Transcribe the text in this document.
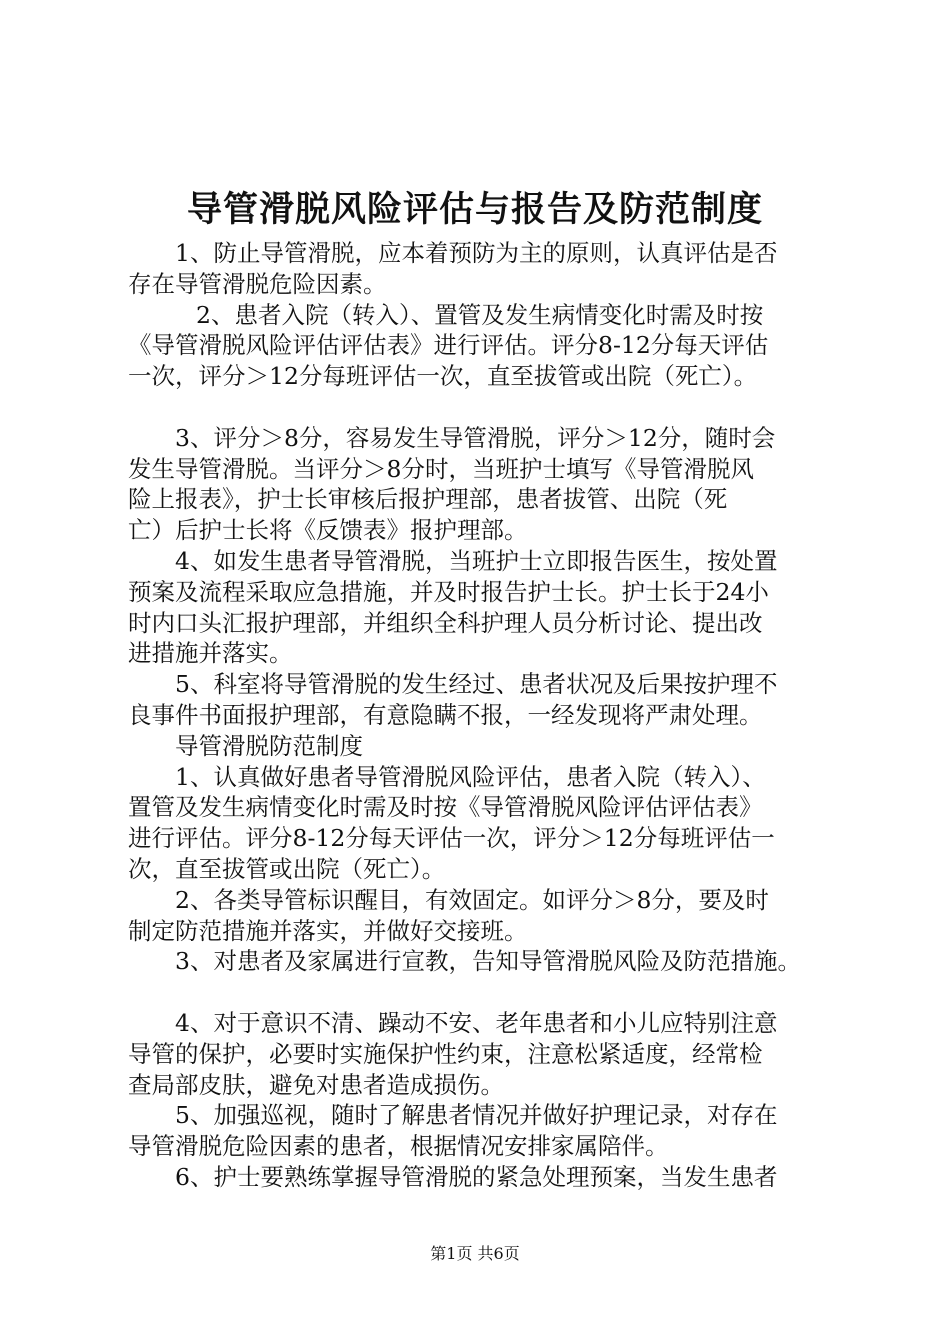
导管滑脱风险评估与报告及防范制度
1、防止导管滑脱，应本着预防为主的原则，认真评估是否
存在导管滑脱危险因素。
2、患者入院（转入）、置管及发生病情变化时需及时按
《导管滑脱风险评估评估表》进行评估。评分8-12分每天评估
一次，评分＞12分每班评估一次，直至拔管或出院（死亡）。
3、评分＞8分，容易发生导管滑脱，评分＞12分，随时会
发生导管滑脱。当评分＞8分时，当班护士填写《导管滑脱风
险上报表》，护士长审核后报护理部，患者拔管、出院（死
亡）后护士长将《反馈表》报护理部。
4、如发生患者导管滑脱，当班护士立即报告医生，按处置
预案及流程采取应急措施，并及时报告护士长。护士长于24小
时内口头汇报护理部，并组织全科护理人员分析讨论、提出改
进措施并落实。
5、科室将导管滑脱的发生经过、患者状况及后果按护理不
良事件书面报护理部，有意隐瞒不报，一经发现将严肃处理。
导管滑脱防范制度
1、认真做好患者导管滑脱风险评估，患者入院（转入）、
置管及发生病情变化时需及时按《导管滑脱风险评估评估表》
进行评估。评分8-12分每天评估一次，评分＞12分每班评估一
次，直至拔管或出院（死亡）。
2、各类导管标识醒目，有效固定。如评分＞8分，要及时
制定防范措施并落实，并做好交接班。
3、对患者及家属进行宣教，告知导管滑脱风险及防范措施。
4、对于意识不清、躁动不安、老年患者和小儿应特别注意
导管的保护，必要时实施保护性约束，注意松紧适度，经常检
查局部皮肤，避免对患者造成损伤。
5、加强巡视，随时了解患者情况并做好护理记录，对存在
导管滑脱危险因素的患者，根据情况安排家属陪伴。
6、护士要熟练掌握导管滑脱的紧急处理预案，当发生患者
第1页 共6页
